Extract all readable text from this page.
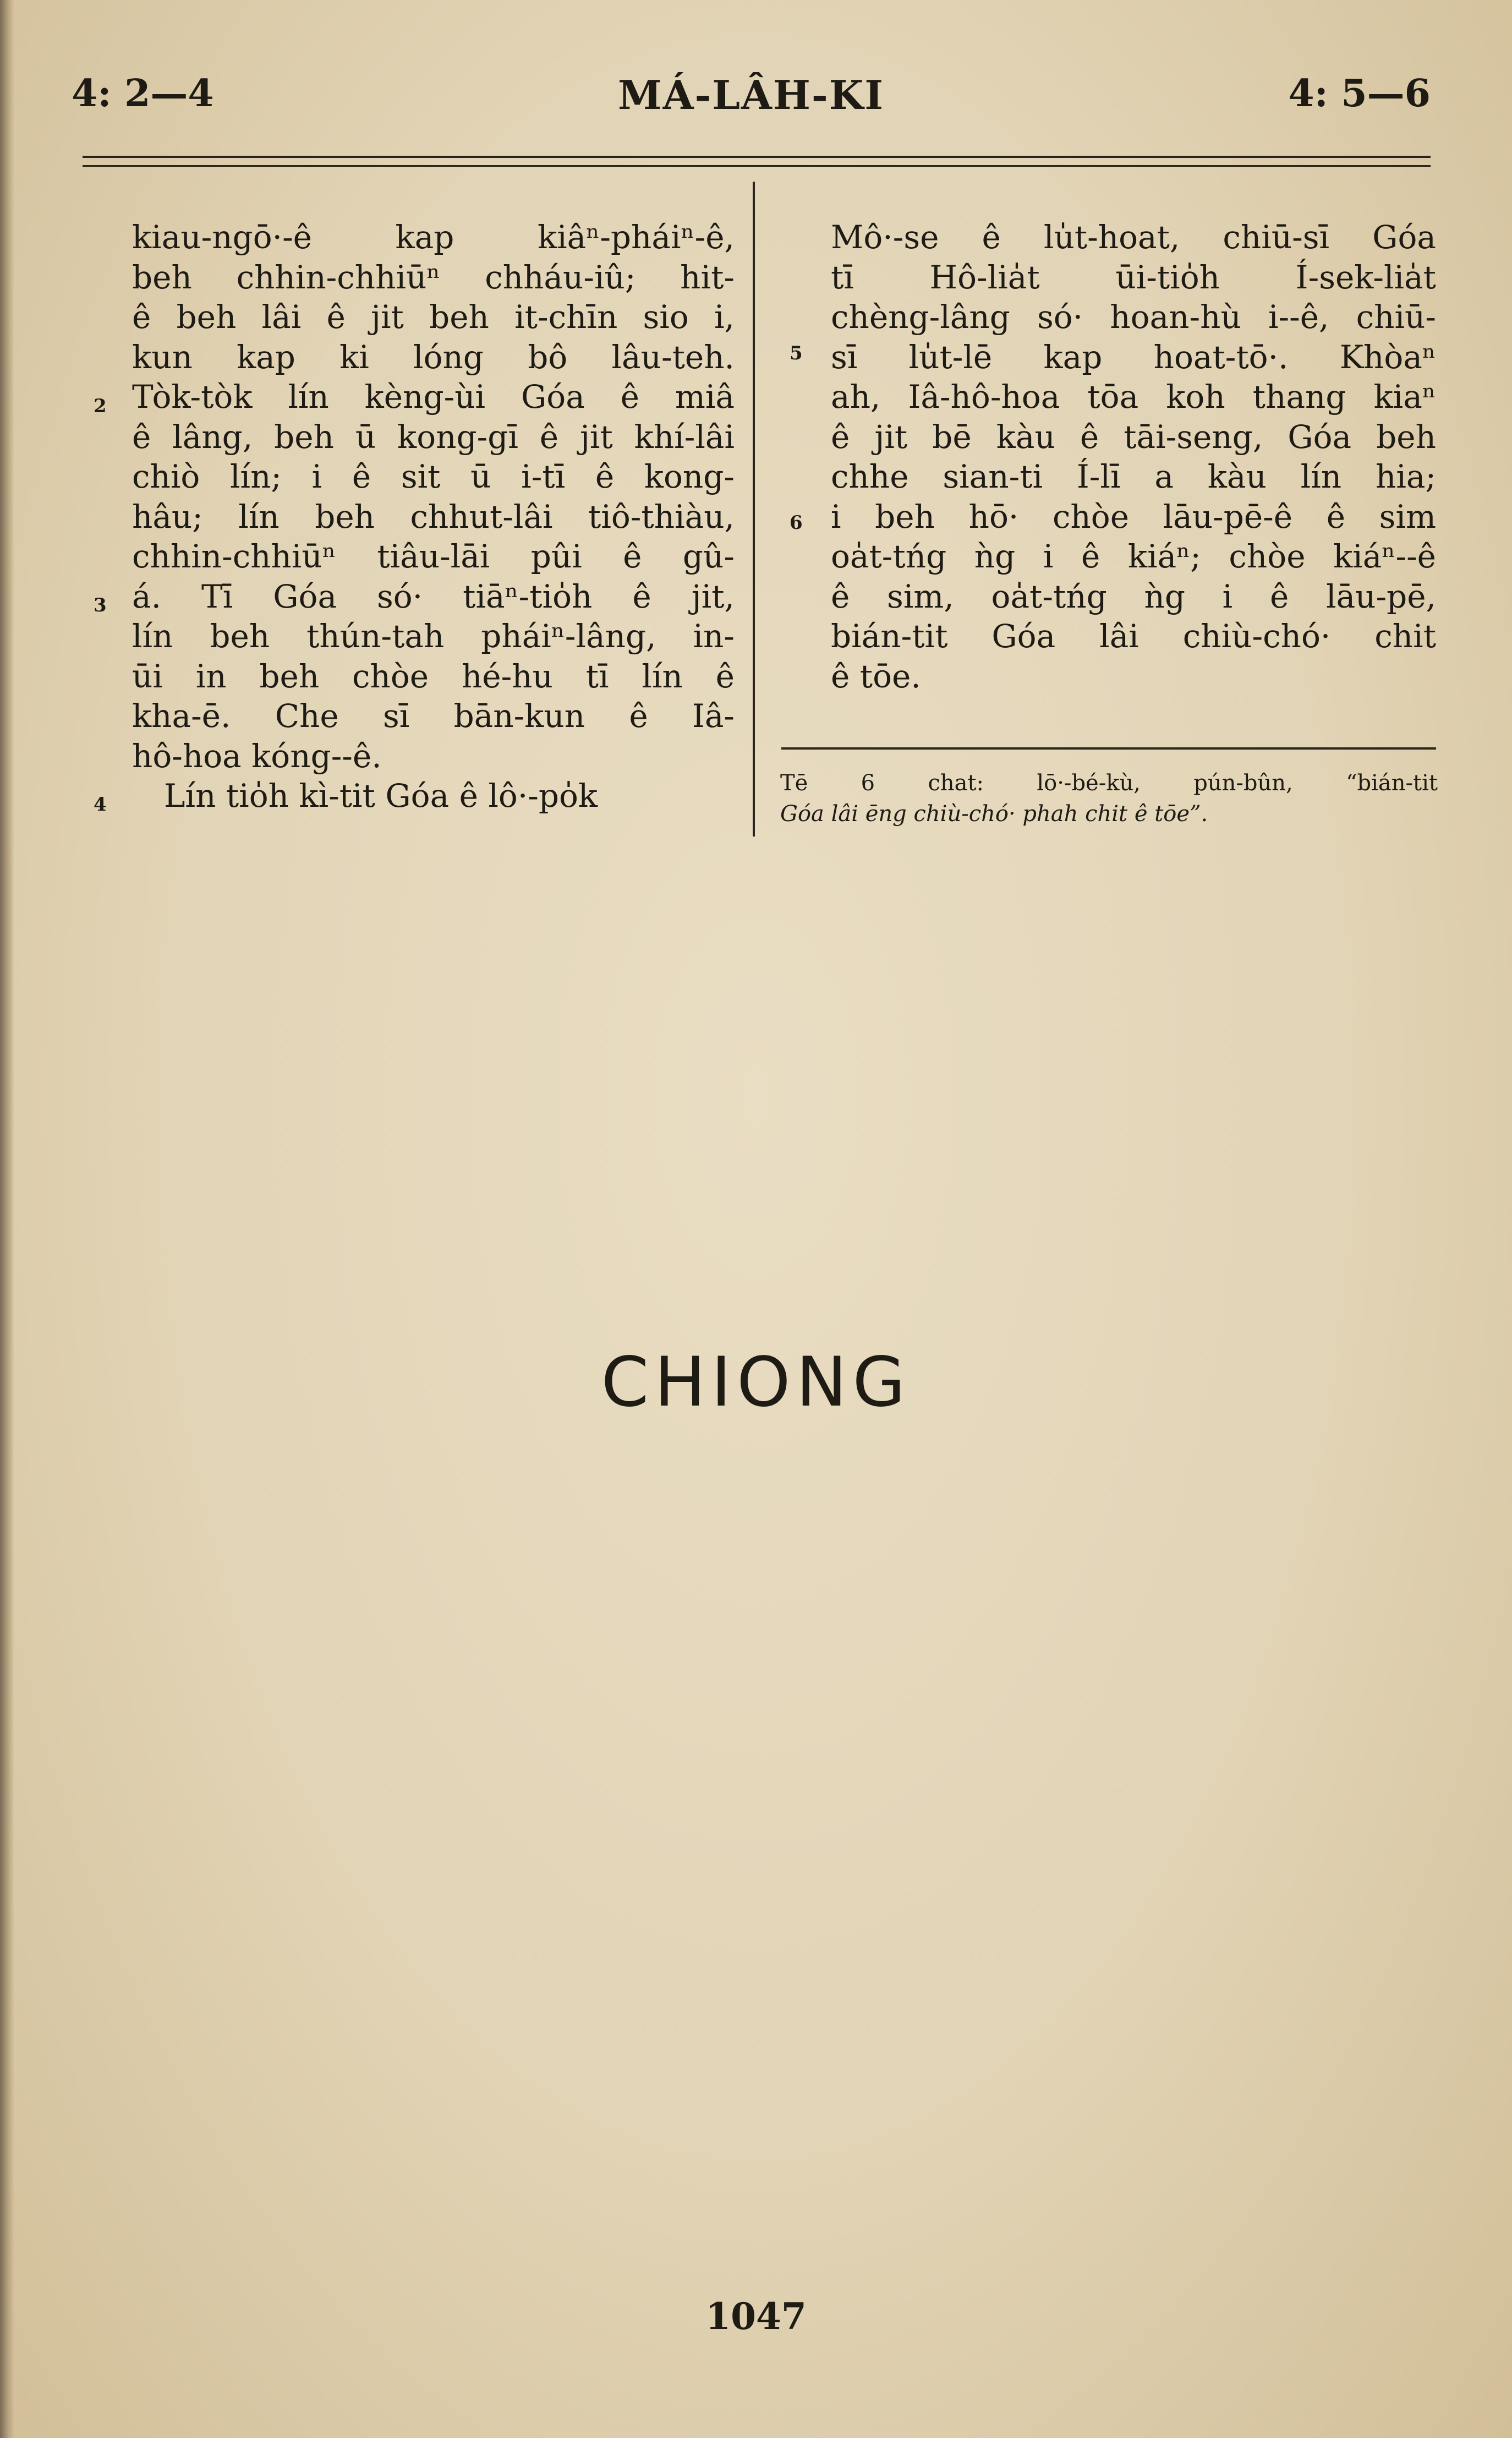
MÁ-LÂH-KI
4: 2—4	4: 5—6
kiau-ngō·-ê kap kiâⁿ-pháiⁿ-ê,
beh chhin-chhiūⁿ chháu-iû; hit-
ê beh lâi ê jit beh it-chīn sio i,
kun kap ki lóng bô lâu-teh.
Tòk-tòk lín kèng-ùi Góa ê miâ
ê lâng, beh ū kong-gī ê jit khí-lâi
chiò lín; i ê sit ū i-tī ê kong-
hâu; lín beh chhut-lâi tiô-thiàu,
chhin-chhiūⁿ tiâu-lāi pûi ê gû-
á. Tī Góa só· tiāⁿ-tio̍h ê jit,
lín beh thún-tah pháiⁿ-lâng, in-
ūi in beh chòe hé-hu tī lín ê
kha-ē. Che sī bān-kun ê Iâ-
hô-hoa kóng--ê.
Lín tio̍h kì-tit Góa ê lô·-po̍k
2
3
4
Mô·-se ê lu̍t-hoat, chiū-sī Góa
tī Hô-lia̍t ūi-tio̍h Í-sek-lia̍t
chèng-lâng só· hoan-hù i--ê, chiū-
sī lu̍t-lē kap hoat-tō·. Khòaⁿ
ah, Iâ-hô-hoa tōa koh thang kiaⁿ
ê jit bē kàu ê tāi-seng, Góa beh
chhe sian-ti Í-lī a kàu lín hia;
i beh hō· chòe lāu-pē-ê ê sim
oa̍t-tńg ǹg i ê kiáⁿ; chòe kiáⁿ--ê
ê sim, oa̍t-tńg ǹg i ê lāu-pē,
bián-tit Góa lâi chiù-chó· chit
ê tōe.
5
6
Tē 6 chat: lō·-bé-kù, pún-bûn, “bián-tit
Góa lâi ēng chiù-chó· phah chit ê tōe”.
CHIONG
1047
